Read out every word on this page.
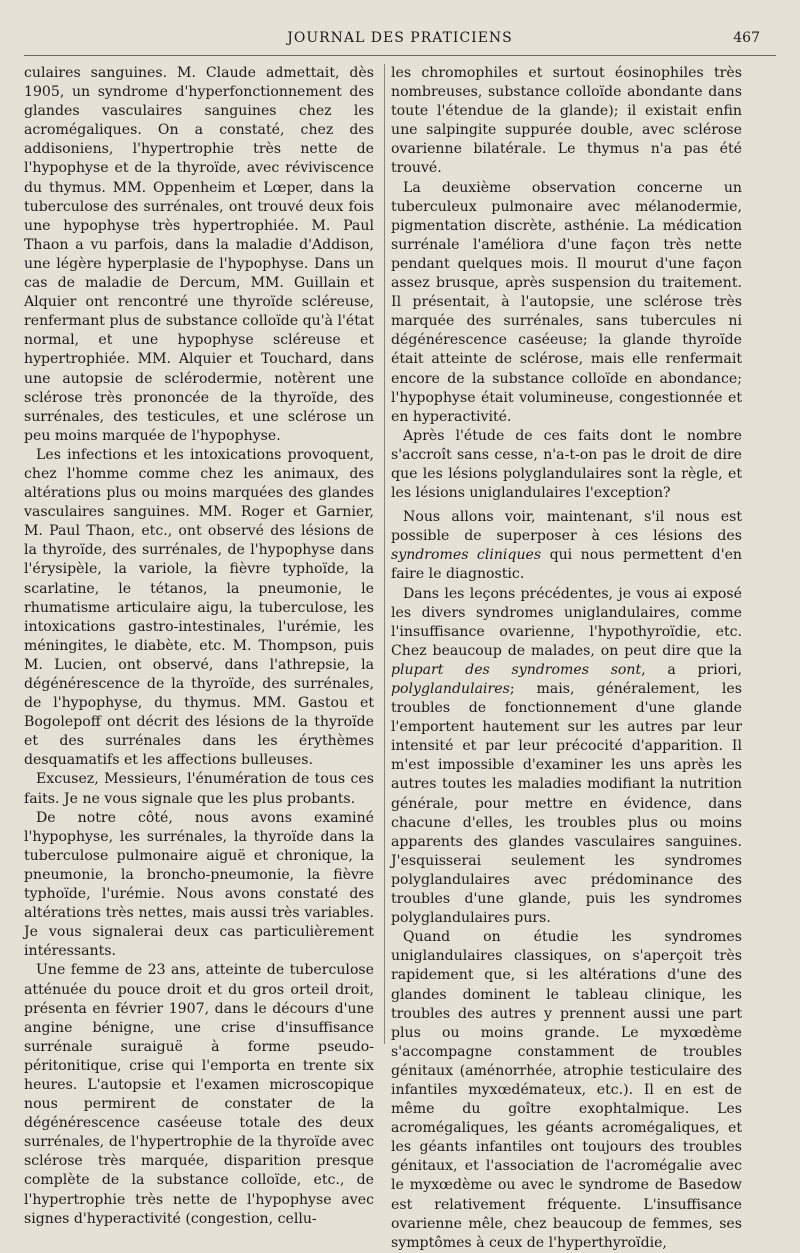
JOURNAL DES PRATICIENS	467

culaires sanguines. M. Claude admettait, dès 1905, un syndrome d'hyperfonctionnement des glandes vasculaires sanguines chez les acromégaliques. On a constaté, chez des addisoniens, l'hypertrophie très nette de l'hypophyse et de la thyroïde, avec réviviscence du thymus. MM. Oppenheim et Lœper, dans la tuberculose des surrénales, ont trouvé deux fois une hypophyse très hypertrophiée. M. Paul Thaon a vu parfois, dans la maladie d'Addison, une légère hyperplasie de l'hypophyse. Dans un cas de maladie de Dercum, MM. Guillain et Alquier ont rencontré une thyroïde scléreuse, renfermant plus de substance colloïde qu'à l'état normal, et une hypophyse scléreuse et hypertrophiée. MM. Alquier et Touchard, dans une autopsie de sclérodermie, notèrent une sclérose très prononcée de la thyroïde, des surrénales, des testicules, et une sclérose un peu moins marquée de l'hypophyse.

Les infections et les intoxications provoquent, chez l'homme comme chez les animaux, des altérations plus ou moins marquées des glandes vasculaires sanguines. MM. Roger et Garnier, M. Paul Thaon, etc., ont observé des lésions de la thyroïde, des surrénales, de l'hypophyse dans l'érysipèle, la variole, la fièvre typhoïde, la scarlatine, le tétanos, la pneumonie, le rhumatisme articulaire aigu, la tuberculose, les intoxications gastro-intestinales, l'urémie, les méningites, le diabète, etc. M. Thompson, puis M. Lucien, ont observé, dans l'athrepsie, la dégénérescence de la thyroïde, des surrénales, de l'hypophyse, du thymus. MM. Gastou et Bogolepoff ont décrit des lésions de la thyroïde et des surrénales dans les érythèmes desquamatifs et les affections bulleuses.

Excusez, Messieurs, l'énumération de tous ces faits. Je ne vous signale que les plus probants.

De notre côté, nous avons examiné l'hypophyse, les surrénales, la thyroïde dans la tuberculose pulmonaire aiguë et chronique, la pneumonie, la broncho-pneumonie, la fièvre typhoïde, l'urémie. Nous avons constaté des altérations très nettes, mais aussi très variables. Je vous signalerai deux cas particulièrement intéressants.

Une femme de 23 ans, atteinte de tuberculose atténuée du pouce droit et du gros orteil droit, présenta en février 1907, dans le décours d'une angine bénigne, une crise d'insuffisance surrénale suraiguë à forme pseudo-péritonitique, crise qui l'emporta en trente six heures. L'autopsie et l'examen microscopique nous permirent de constater de la dégénérescence caséeuse totale des deux surrénales, de l'hypertrophie de la thyroïde avec sclérose très marquée, disparition presque complète de la substance colloïde, etc., de l'hypertrophie très nette de l'hypophyse avec signes d'hyperactivité (congestion, cellu-

les chromophiles et surtout éosinophiles très nombreuses, substance colloïde abondante dans toute l'étendue de la glande); il existait enfin une salpingite suppurée double, avec sclérose ovarienne bilatérale. Le thymus n'a pas été trouvé.

La deuxième observation concerne un tuberculeux pulmonaire avec mélanodermie, pigmentation discrète, asthénie. La médication surrénale l'améliora d'une façon très nette pendant quelques mois. Il mourut d'une façon assez brusque, après suspension du traitement. Il présentait, à l'autopsie, une sclérose très marquée des surrénales, sans tubercules ni dégénérescence caséeuse; la glande thyroïde était atteinte de sclérose, mais elle renfermait encore de la substance colloïde en abondance; l'hypophyse était volumineuse, congestionnée et en hyperactivité.

Après l'étude de ces faits dont le nombre s'accroît sans cesse, n'a-t-on pas le droit de dire que les lésions polyglandulaires sont la règle, et les lésions uniglandulaires l'exception?

Nous allons voir, maintenant, s'il nous est possible de superposer à ces lésions des syndromes cliniques qui nous permettent d'en faire le diagnostic.

Dans les leçons précédentes, je vous ai exposé les divers syndromes uniglandulaires, comme l'insuffisance ovarienne, l'hypothyroïdie, etc. Chez beaucoup de malades, on peut dire que la plupart des syndromes sont, a priori, polyglandulaires; mais, généralement, les troubles de fonctionnement d'une glande l'emportent hautement sur les autres par leur intensité et par leur précocité d'apparition. Il m'est impossible d'examiner les uns après les autres toutes les maladies modifiant la nutrition générale, pour mettre en évidence, dans chacune d'elles, les troubles plus ou moins apparents des glandes vasculaires sanguines. J'esquisserai seulement les syndromes polyglandulaires avec prédominance des troubles d'une glande, puis les syndromes polyglandulaires purs.

Quand on étudie les syndromes uniglandulaires classiques, on s'aperçoit très rapidement que, si les altérations d'une des glandes dominent le tableau clinique, les troubles des autres y prennent aussi une part plus ou moins grande. Le myxœdème s'accompagne constamment de troubles génitaux (aménorrhée, atrophie testiculaire des infantiles myxœdémateux, etc.). Il en est de même du goître exophtalmique. Les acromégaliques, les géants acromégaliques, et les géants infantiles ont toujours des troubles génitaux, et l'association de l'acromégalie avec le myxœdème ou avec le syndrome de Basedow est relativement fréquente. L'insuffisance ovarienne mêle, chez beaucoup de femmes, ses symptômes à ceux de l'hyperthyroïdie,
